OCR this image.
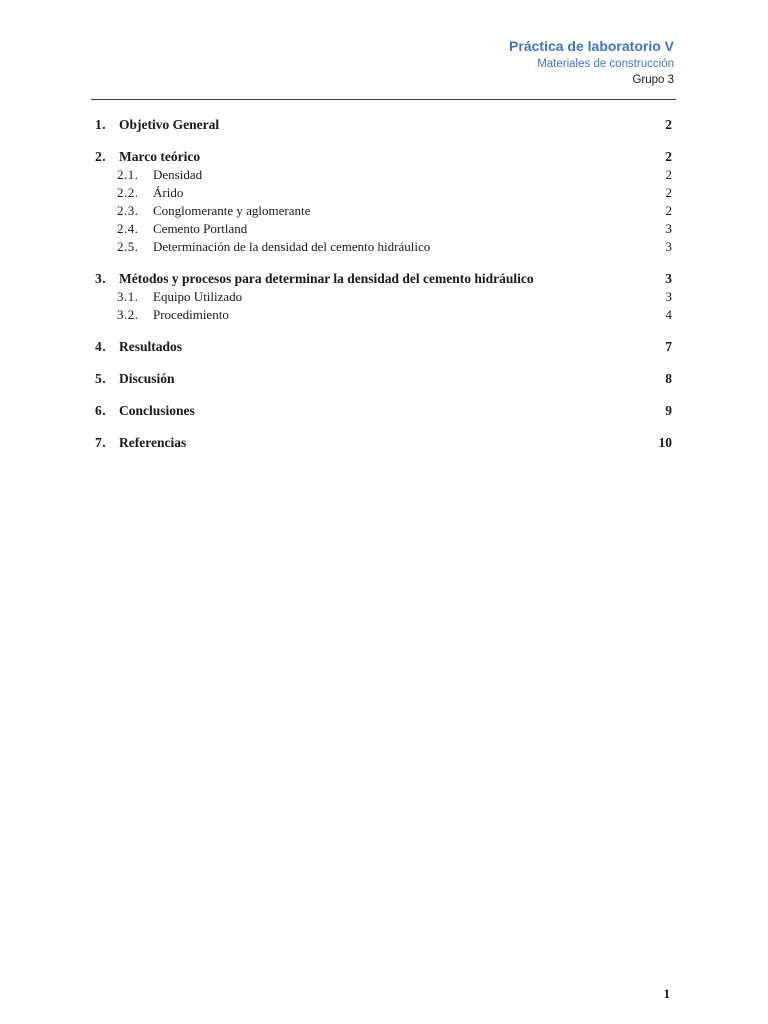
Práctica de laboratorio V
Materiales de construcción
Grupo 3
1. Objetivo General	2
2. Marco teórico	2
2.1.	Densidad	2
2.2.	Árido	2
2.3.	Conglomerante y aglomerante	2
2.4.	Cemento Portland	3
2.5.	Determinación de la densidad del cemento hidráulico	3
3. Métodos y procesos para determinar la densidad del cemento hidráulico	3
3.1.	Equipo Utilizado	3
3.2.	Procedimiento	4
4. Resultados	7
5. Discusión	8
6. Conclusiones	9
7. Referencias	10
1
